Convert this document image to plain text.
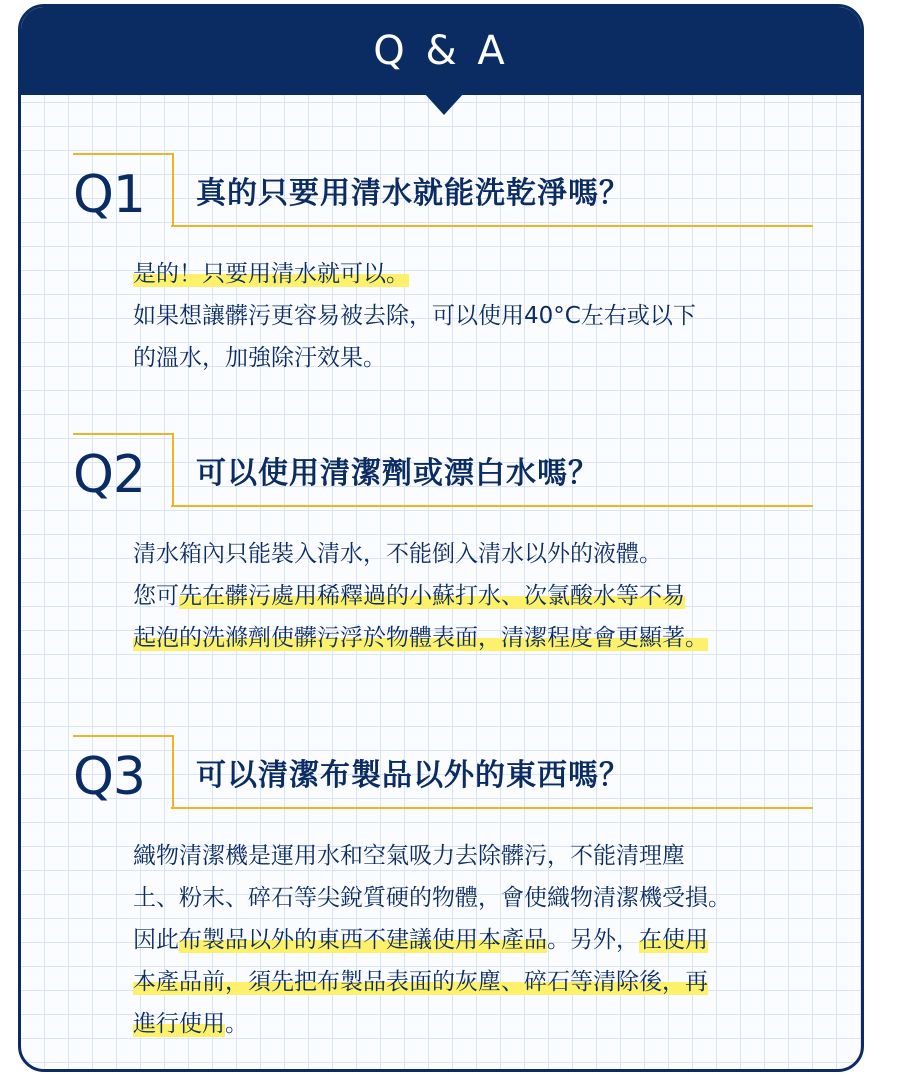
Q & A
Q1	真的只要用清水就能洗乾淨嗎？
是的！只要用清水就可以。
如果想讓髒污更容易被去除，可以使用40°C左右或以下
的溫水，加強除汙效果。
Q2	可以使用清潔劑或漂白水嗎？
清水箱內只能裝入清水，不能倒入清水以外的液體。
您可先在髒污處用稀釋過的小蘇打水、次氯酸水等不易
起泡的洗滌劑使髒污浮於物體表面，清潔程度會更顯著。
Q3	可以清潔布製品以外的東西嗎？
織物清潔機是運用水和空氣吸力去除髒污，不能清理塵
土、粉末、碎石等尖銳質硬的物體，會使織物清潔機受損。
因此布製品以外的東西不建議使用本產品。另外，在使用
本產品前，須先把布製品表面的灰塵、碎石等清除後，再
進行使用。
